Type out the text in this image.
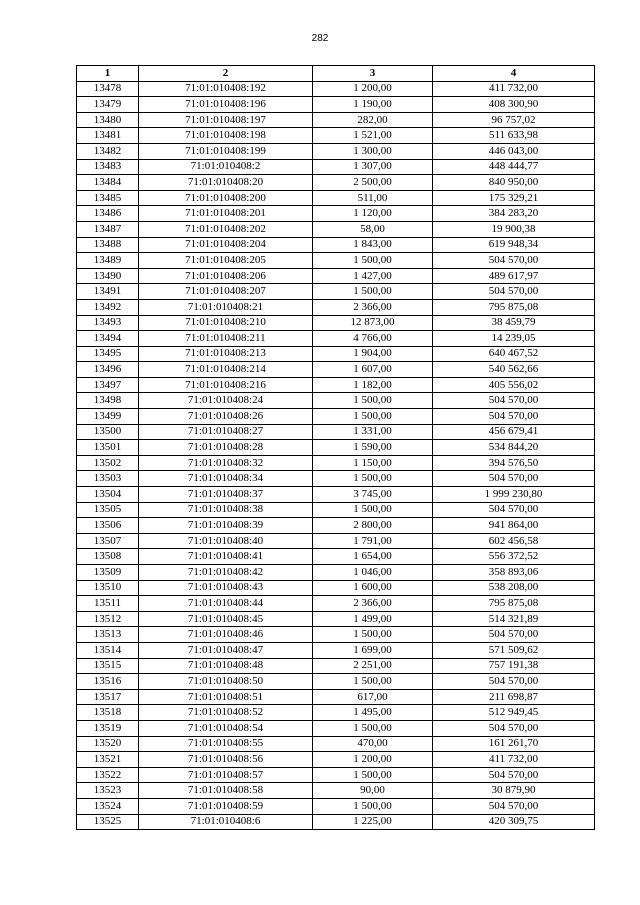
282
1	2	3	4
13478	71:01:010408:192	1 200,00	411 732,00
13479	71:01:010408:196	1 190,00	408 300,90
13480	71:01:010408:197	282,00	96 757,02
13481	71:01:010408:198	1 521,00	511 633,98
13482	71:01:010408:199	1 300,00	446 043,00
13483	71:01:010408:2	1 307,00	448 444,77
13484	71:01:010408:20	2 500,00	840 950,00
13485	71:01:010408:200	511,00	175 329,21
13486	71:01:010408:201	1 120,00	384 283,20
13487	71:01:010408:202	58,00	19 900,38
13488	71:01:010408:204	1 843,00	619 948,34
13489	71:01:010408:205	1 500,00	504 570,00
13490	71:01:010408:206	1 427,00	489 617,97
13491	71:01:010408:207	1 500,00	504 570,00
13492	71:01:010408:21	2 366,00	795 875,08
13493	71:01:010408:210	12 873,00	38 459,79
13494	71:01:010408:211	4 766,00	14 239,05
13495	71:01:010408:213	1 904,00	640 467,52
13496	71:01:010408:214	1 607,00	540 562,66
13497	71:01:010408:216	1 182,00	405 556,02
13498	71:01:010408:24	1 500,00	504 570,00
13499	71:01:010408:26	1 500,00	504 570,00
13500	71:01:010408:27	1 331,00	456 679,41
13501	71:01:010408:28	1 590,00	534 844,20
13502	71:01:010408:32	1 150,00	394 576,50
13503	71:01:010408:34	1 500,00	504 570,00
13504	71:01:010408:37	3 745,00	1 999 230,80
13505	71:01:010408:38	1 500,00	504 570,00
13506	71:01:010408:39	2 800,00	941 864,00
13507	71:01:010408:40	1 791,00	602 456,58
13508	71:01:010408:41	1 654,00	556 372,52
13509	71:01:010408:42	1 046,00	358 893,06
13510	71:01:010408:43	1 600,00	538 208,00
13511	71:01:010408:44	2 366,00	795 875,08
13512	71:01:010408:45	1 499,00	514 321,89
13513	71:01:010408:46	1 500,00	504 570,00
13514	71:01:010408:47	1 699,00	571 509,62
13515	71:01:010408:48	2 251,00	757 191,38
13516	71:01:010408:50	1 500,00	504 570,00
13517	71:01:010408:51	617,00	211 698,87
13518	71:01:010408:52	1 495,00	512 949,45
13519	71:01:010408:54	1 500,00	504 570,00
13520	71:01:010408:55	470,00	161 261,70
13521	71:01:010408:56	1 200,00	411 732,00
13522	71:01:010408:57	1 500,00	504 570,00
13523	71:01:010408:58	90,00	30 879,90
13524	71:01:010408:59	1 500,00	504 570,00
13525	71:01:010408:6	1 225,00	420 309,75
